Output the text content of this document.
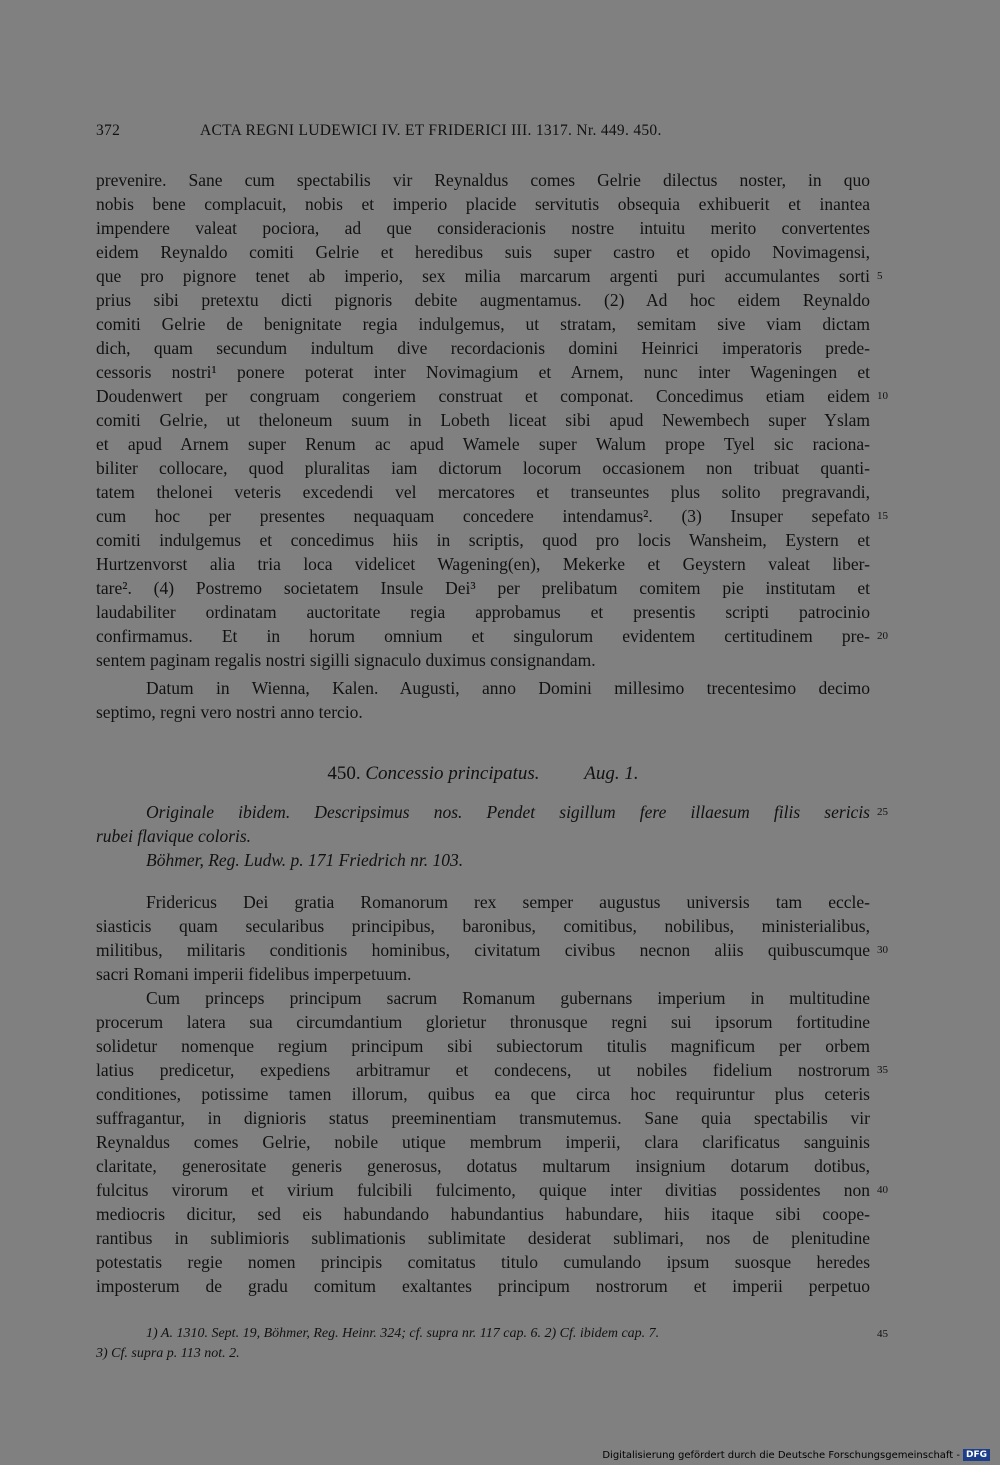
372	ACTA REGNI LUDEWICI IV. ET FRIDERICI III. 1317. Nr. 449. 450.
prevenire. Sane cum spectabilis vir Reynaldus comes Gelrie dilectus noster, in quo
nobis bene complacuit, nobis et imperio placide servitutis obsequia exhibuerit et inantea
impendere valeat pociora, ad que consideracionis nostre intuitu merito convertentes
eidem Reynaldo comiti Gelrie et heredibus suis super castro et opido Novimagensi,
que pro pignore tenet ab imperio, sex milia marcarum argenti puri accumulantes sorti
prius sibi pretextu dicti pignoris debite augmentamus. (2) Ad hoc eidem Reynaldo
comiti Gelrie de benignitate regia indulgemus, ut stratam, semitam sive viam dictam
dich, quam secundum indultum dive recordacionis domini Heinrici imperatoris prede-
cessoris nostri¹ ponere poterat inter Novimagium et Arnem, nunc inter Wageningen et
Doudenwert per congruam congeriem construat et componat. Concedimus etiam eidem
comiti Gelrie, ut theloneum suum in Lobeth liceat sibi apud Newembech super Yslam
et apud Arnem super Renum ac apud Wamele super Walum prope Tyel sic raciona-
biliter collocare, quod pluralitas iam dictorum locorum occasionem non tribuat quanti-
tatem thelonei veteris excedendi vel mercatores et transeuntes plus solito pregravandi,
cum hoc per presentes nequaquam concedere intendamus². (3) Insuper sepefato
comiti indulgemus et concedimus hiis in scriptis, quod pro locis Wansheim, Eystern et
Hurtzenvorst alia tria loca videlicet Wagening(en), Mekerke et Geystern valeat liber-
tare². (4) Postremo societatem Insule Dei³ per prelibatum comitem pie institutam et
laudabiliter ordinatam auctoritate regia approbamus et presentis scripti patrocinio
confirmamus. Et in horum omnium et singulorum evidentem certitudinem pre-
sentem paginam regalis nostri sigilli signaculo duximus consignandam.
Datum in Wienna, Kalen. Augusti, anno Domini millesimo trecentesimo decimo
septimo, regni vero nostri anno tercio.
450. Concessio principatus. Aug. 1.
Originale ibidem. Descripsimus nos. Pendet sigillum fere illaesum filis sericis
rubei flavique coloris.
Böhmer, Reg. Ludw. p. 171 Friedrich nr. 103.
Fridericus Dei gratia Romanorum rex semper augustus universis tam eccle-
siasticis quam secularibus principibus, baronibus, comitibus, nobilibus, ministerialibus,
militibus, militaris conditionis hominibus, civitatum civibus necnon aliis quibuscumque
sacri Romani imperii fidelibus imperpetuum.
Cum princeps principum sacrum Romanum gubernans imperium in multitudine
procerum latera sua circumdantium glorietur thronusque regni sui ipsorum fortitudine
solidetur nomenque regium principum sibi subiectorum titulis magnificum per orbem
latius predicetur, expediens arbitramur et condecens, ut nobiles fidelium nostrorum
conditiones, potissime tamen illorum, quibus ea que circa hoc requiruntur plus ceteris
suffragantur, in dignioris status preeminentiam transmutemus. Sane quia spectabilis vir
Reynaldus comes Gelrie, nobile utique membrum imperii, clara clarificatus sanguinis
claritate, generositate generis generosus, dotatus multarum insignium dotarum dotibus,
fulcitus virorum et virium fulcibili fulcimento, quique inter divitias possidentes non
mediocris dicitur, sed eis habundando habundantius habundare, hiis itaque sibi coope-
rantibus in sublimioris sublimationis sublimitate desiderat sublimari, nos de plenitudine
potestatis regie nomen principis comitatus titulo cumulando ipsum suosque heredes
imposterum de gradu comitum exaltantes principum nostrorum et imperii perpetuo
5
10
15
20
25
30
35
40
45
1) A. 1310. Sept. 19, Böhmer, Reg. Heinr. 324; cf. supra nr. 117 cap. 6. 2) Cf. ibidem cap. 7.
3) Cf. supra p. 113 not. 2.
Digitalisierung gefördert durch die Deutsche Forschungsgemeinschaft - DFG
